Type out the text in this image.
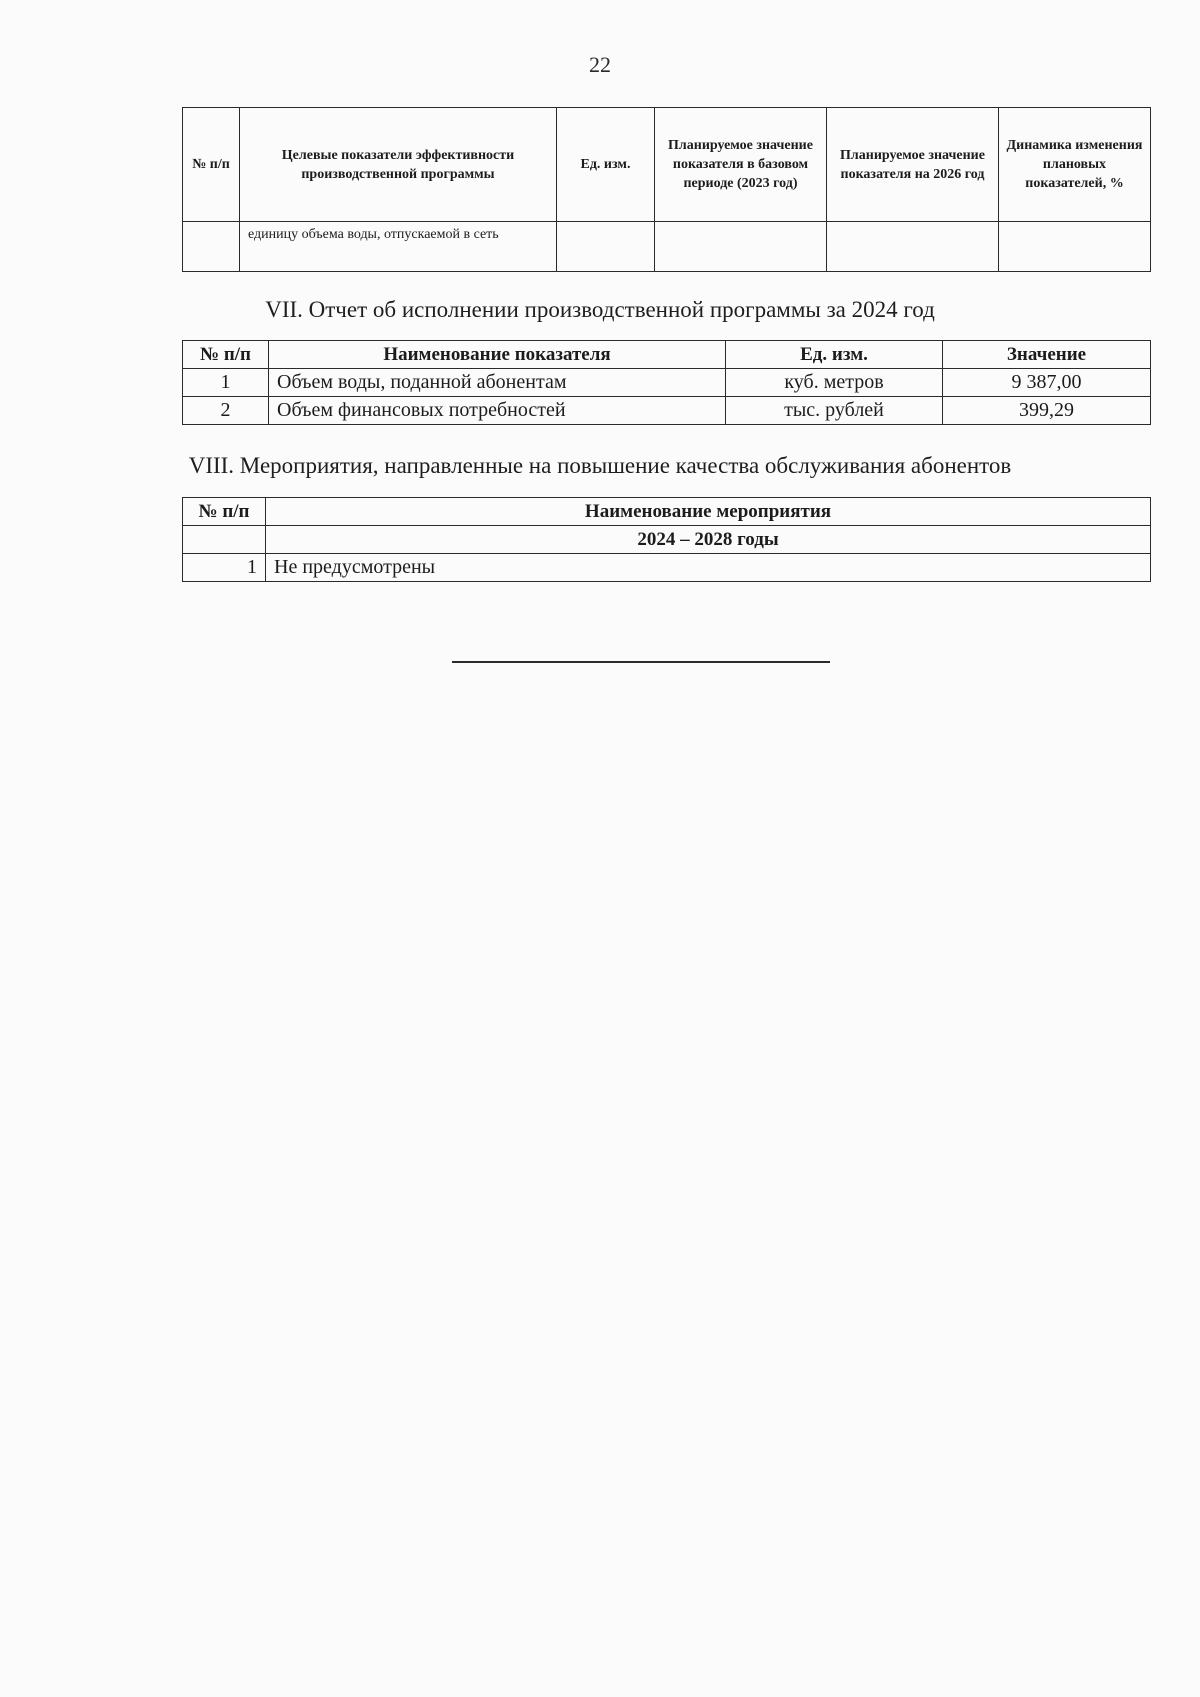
22
№ п/п	Целевые показатели эффективности производственной программы	Ед. изм.	Планируемое значение показателя в базовом периоде (2023 год)	Планируемое значение показателя на 2026 год	Динамика изменения плановых показателей, %
	единицу объема воды, отпускаемой в сеть				
VII. Отчет об исполнении производственной программы за 2024 год
№ п/п	Наименование показателя	Ед. изм.	Значение
1	Объем воды, поданной абонентам	куб. метров	9 387,00
2	Объем финансовых потребностей	тыс. рублей	399,29
VIII. Мероприятия, направленные на повышение качества обслуживания абонентов
№ п/п	Наименование мероприятия
	2024 – 2028 годы
1	Не предусмотрены
